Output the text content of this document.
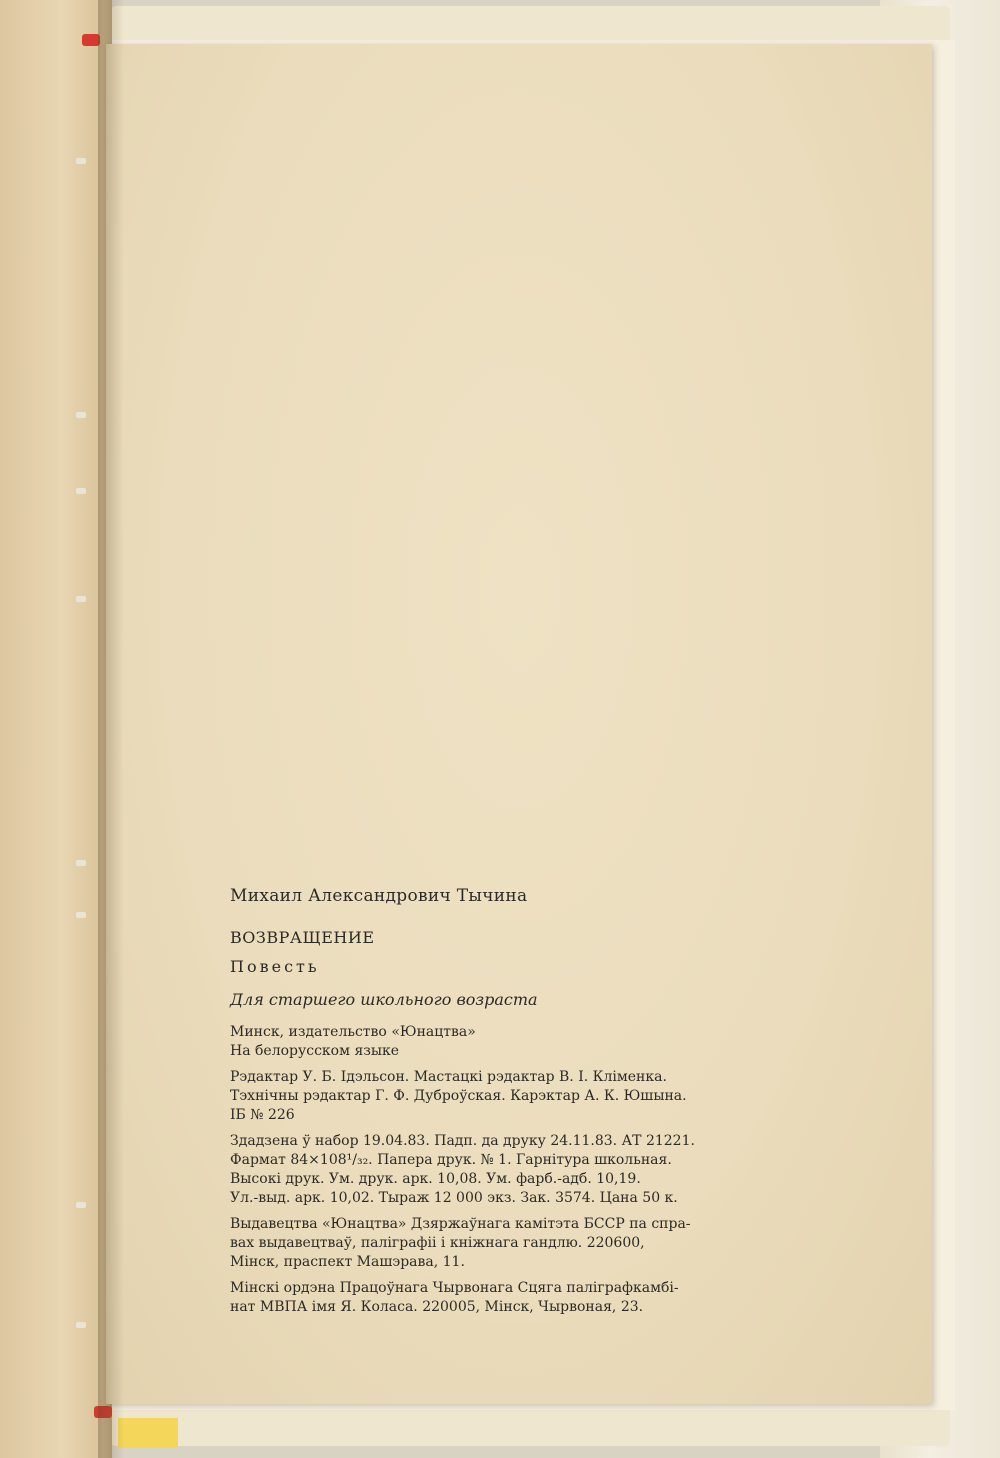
Михаил Александрович Тычина

ВОЗВРАЩЕНИЕ

Повесть

Для старшего школьного возраста

Минск, издательство «Юнацтва»

На белорусском языке

Рэдактар У. Б. Ідэльсон. Мастацкі рэдактар В. І. Кліменка.

Тэхнічны рэдактар Г. Ф. Дуброўская. Карэктар А. К. Юшына.

ІБ № 226

Здадзена ў набор 19.04.83. Падп. да друку 24.11.83. АТ 21221.

Фармат 84×108¹/₃₂. Папера друк. № 1. Гарнітура школьная.

Высокі друк. Ум. друк. арк. 10,08. Ум. фарб.-адб. 10,19.

Ул.-выд. арк. 10,02. Тыраж 12 000 экз. Зак. 3574. Цана 50 к.

Выдавецтва «Юнацтва» Дзяржаўнага камітэта БССР па спра-

вах выдавецтваў, паліграфіі і кніжнага гандлю. 220600,

Мінск, праспект Машэрава, 11.

Мінскі ордэна Працоўнага Чырвонага Сцяга паліграфкамбі-

нат МВПА імя Я. Коласа. 220005, Мінск, Чырвоная, 23.
